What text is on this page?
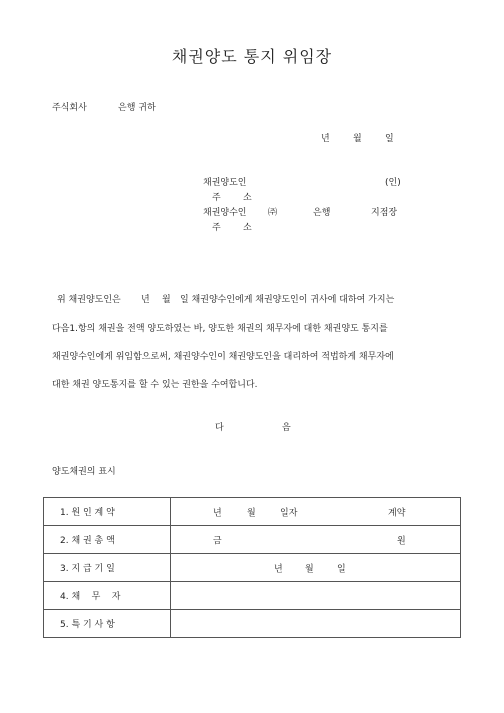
채권양도 통지 위임장
주식회사	은행 귀하
년	월	일
채권양도인	(인)
주 소
채권양수인 ㈜	은행	지점장
주 소
위 채권양도인은 년 월 일 채권양수인에게 채권양도인이 귀사에 대하여 가지는
다음1.항의 채권을 전액 양도하였는 바, 양도한 채권의 채무자에 대한 채권양도 통지를
채권양수인에게 위임함으로써, 채권양수인이 채권양도인을 대리하여 적법하게 채무자에
대한 채권 양도통지를 할 수 있는 권한을 수여합니다.
다	음
양도채권의 표시
1. 원 인 계 약	년 월 일자 계약

2. 채 권 총 액	금 원

3. 지 급 기 일	년 월 일

4. 채    무    자	
5. 특 기 사 항	
